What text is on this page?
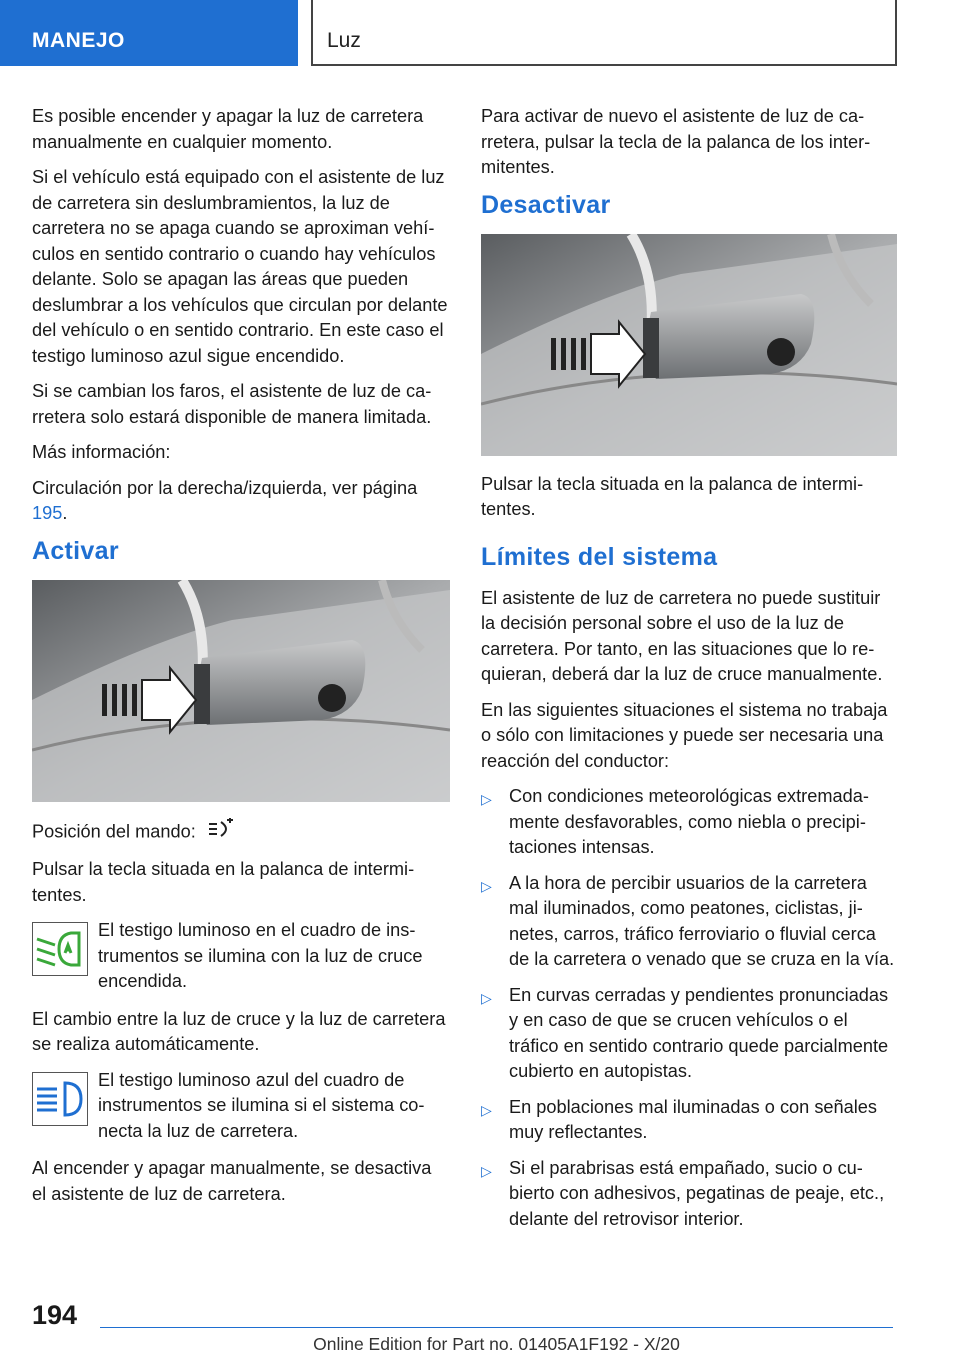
MANEJO	Luz

Es posible encender y apagar la luz de carretera manualmente en cualquier momento.

Si el vehículo está equipado con el asistente de luz de carretera sin deslumbramientos, la luz de carretera no se apaga cuando se aproximan vehículos en sentido contrario o cuando hay vehículos delante. Solo se apagan las áreas que pueden deslumbrar a los vehículos que circulan por delante del vehículo o en sentido contrario. En este caso el testigo luminoso azul sigue encendido.

Si se cambian los faros, el asistente de luz de carretera solo estará disponible de manera limitada.

Más información:

Circulación por la derecha/izquierda, ver página 195.

Activar

Posición del mando:

Pulsar la tecla situada en la palanca de intermitentes.

El testigo luminoso en el cuadro de instrumentos se ilumina con la luz de cruce encendida.

El cambio entre la luz de cruce y la luz de carretera se realiza automáticamente.

El testigo luminoso azul del cuadro de instrumentos se ilumina si el sistema conecta la luz de carretera.

Al encender y apagar manualmente, se desactiva el asistente de luz de carretera.

Para activar de nuevo el asistente de luz de carretera, pulsar la tecla de la palanca de los intermitentes.

Desactivar

Pulsar la tecla situada en la palanca de intermitentes.

Límites del sistema

El asistente de luz de carretera no puede sustituir la decisión personal sobre el uso de la luz de carretera. Por tanto, en las situaciones que lo requieran, deberá dar la luz de cruce manualmente.

En las siguientes situaciones el sistema no trabaja o sólo con limitaciones y puede ser necesaria una reacción del conductor:

▷ Con condiciones meteorológicas extremadamente desfavorables, como niebla o precipitaciones intensas.
▷ A la hora de percibir usuarios de la carretera mal iluminados, como peatones, ciclistas, jinetes, carros, tráfico ferroviario o fluvial cerca de la carretera o venado que se cruza en la vía.
▷ En curvas cerradas y pendientes pronunciadas y en caso de que se crucen vehículos o el tráfico en sentido contrario quede parcialmente cubierto en autopistas.
▷ En poblaciones mal iluminadas o con señales muy reflectantes.
▷ Si el parabrisas está empañado, sucio o cubierto con adhesivos, pegatinas de peaje, etc., delante del retrovisor interior.
194
Online Edition for Part no. 01405A1F192 - X/20
